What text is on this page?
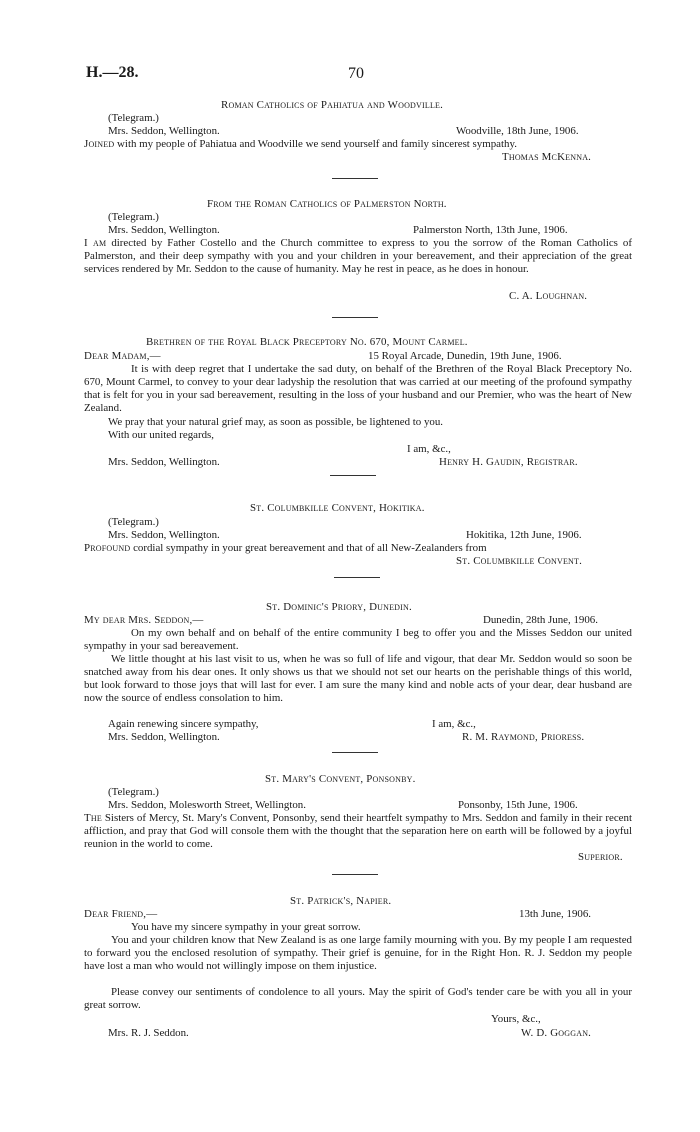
H.—28.	70
Roman Catholics of Pahiatua and Woodville.
(Telegram.)
Mrs. Seddon, Wellington.	Woodville, 18th June, 1906.
Joined with my people of Pahiatua and Woodville we send yourself and family sincerest sympathy.
Thomas McKenna.
From the Roman Catholics of Palmerston North.
(Telegram.)
Mrs. Seddon, Wellington.	Palmerston North, 13th June, 1906.
I am directed by Father Costello and the Church committee to express to you the sorrow of the Roman Catholics of Palmerston, and their deep sympathy with you and your children in your bereavement, and their appreciation of the great services rendered by Mr. Seddon to the cause of humanity. May he rest in peace, as he does in honour.
C. A. Loughnan.
Brethren of the Royal Black Preceptory No. 670, Mount Carmel.
Dear Madam,—	15 Royal Arcade, Dunedin, 19th June, 1906.
It is with deep regret that I undertake the sad duty, on behalf of the Brethren of the Royal Black Preceptory No. 670, Mount Carmel, to convey to your dear ladyship the resolution that was carried at our meeting of the profound sympathy that is felt for you in your sad bereavement, resulting in the loss of your husband and our Premier, who was the heart of New Zealand.
We pray that your natural grief may, as soon as possible, be lightened to you.
With our united regards,
I am, &c.,
Mrs. Seddon, Wellington.	Henry H. Gaudin, Registrar.
St. Columbkille Convent, Hokitika.
(Telegram.)
Mrs. Seddon, Wellington.	Hokitika, 12th June, 1906.
Profound cordial sympathy in your great bereavement and that of all New-Zealanders from
St. Columbkille Convent.
St. Dominic's Priory, Dunedin.
My dear Mrs. Seddon,—	Dunedin, 28th June, 1906.
On my own behalf and on behalf of the entire community I beg to offer you and the Misses Seddon our united sympathy in your sad bereavement.
We little thought at his last visit to us, when he was so full of life and vigour, that dear Mr. Seddon would so soon be snatched away from his dear ones. It only shows us that we should not set our hearts on the perishable things of this world, but look forward to those joys that will last for ever. I am sure the many kind and noble acts of your dear, dear husband are now the source of endless consolation to him.
Again renewing sincere sympathy,	I am, &c.,
Mrs. Seddon, Wellington.	R. M. Raymond, Prioress.
St. Mary's Convent, Ponsonby.
(Telegram.)
Mrs. Seddon, Molesworth Street, Wellington.	Ponsonby, 15th June, 1906.
The Sisters of Mercy, St. Mary's Convent, Ponsonby, send their heartfelt sympathy to Mrs. Seddon and family in their recent affliction, and pray that God will console them with the thought that the separation here on earth will be followed by a joyful reunion in the world to come.
Superior.
St. Patrick's, Napier.
Dear Friend,—	13th June, 1906.
You have my sincere sympathy in your great sorrow.
You and your children know that New Zealand is as one large family mourning with you. By my people I am requested to forward you the enclosed resolution of sympathy. Their grief is genuine, for in the Right Hon. R. J. Seddon my people have lost a man who would not willingly impose on them injustice.
Please convey our sentiments of condolence to all yours. May the spirit of God's tender care be with you all in your great sorrow.
Yours, &c.,
Mrs. R. J. Seddon.	W. D. Goggan.
